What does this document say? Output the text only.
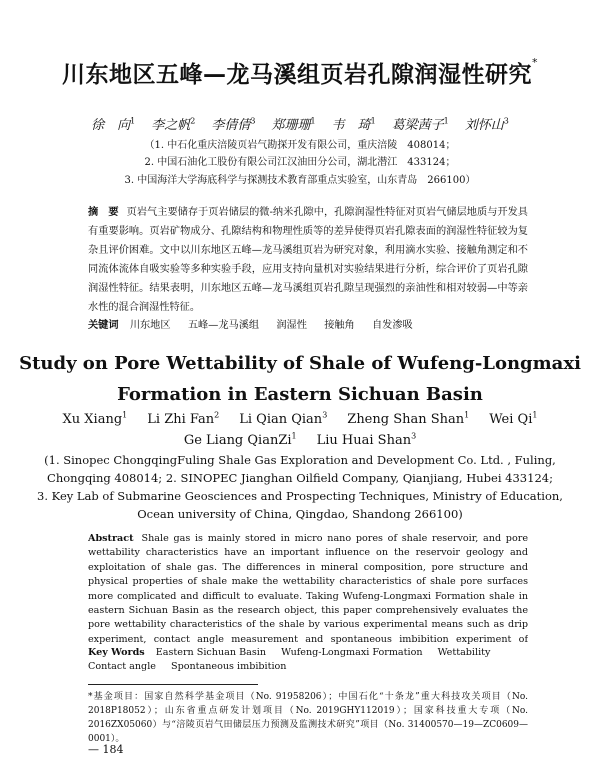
川东地区五峰—龙马溪组页岩孔隙润湿性研究*
徐　向$^1$ 李之帆$^2$ 李倩倩$^3$ 郑珊珊$^1$ 韦　琦$^1$ 葛梁茜子$^1$ 刘怀山$^3$
（1. 中石化重庆涪陵页岩气勘探开发有限公司，重庆涪陵　408014；
2. 中国石油化工股份有限公司江汉油田分公司，湖北潜江　433124；
3. 中国海洋大学海底科学与探测技术教育部重点实验室，山东青岛　266100）
摘　要 页岩气主要储存于页岩储层的微-纳米孔隙中，孔隙润湿性特征对页岩气储层地质与开发具有重要影响。页岩矿物成分、孔隙结构和物理性质等的差异使得页岩孔隙表面的润湿性特征较为复杂且评价困难。文中以川东地区五峰—龙马溪组页岩为研究对象，利用滴水实验、接触角测定和不同流体流体自吸实验等多种实验手段，应用支持向量机对实验结果进行分析，综合评价了页岩孔隙润湿性特征。结果表明，川东地区五峰—龙马溪组页岩孔隙呈现强烈的亲油性和相对较弱—中等亲水性的混合润湿性特征。
关键词 川东地区 五峰—龙马溪组 润湿性 接触角 自发渗吸
Study on Pore Wettability of Shale of Wufeng-Longmaxi
Formation in Eastern Sichuan Basin
Xu Xiang$^1$ Li Zhi Fan$^2$ Li Qian Qian$^3$ Zheng Shan Shan$^1$ Wei Qi$^1$
Ge Liang QianZi$^1$ Liu Huai Shan$^3$
(1. Sinopec ChongqingFuling Shale Gas Exploration and Development Co. Ltd. , Fuling,
Chongqing 408014; 2. SINOPEC Jianghan Oilfield Company, Qianjiang, Hubei 433124;
3. Key Lab of Submarine Geosciences and Prospecting Techniques, Ministry of Education,
Ocean university of China, Qingdao, Shandong 266100)
Abstract Shale gas is mainly stored in micro nano pores of shale reservoir, and pore wettability characteristics have an important influence on the reservoir geology and exploitation of shale gas. The differences in mineral composition, pore structure and physical properties of shale make the wettability characteristics of shale pore surfaces more complicated and difficult to evaluate. Taking Wufeng-Longmaxi Formation shale in eastern Sichuan Basin as the research object, this paper comprehensively evaluates the pore wettability characteristics of the shale by various experimental means such as drip experiment, contact angle measurement and spontaneous imbibition experiment of
Key Words Eastern Sichuan Basin Wufeng-Longmaxi Formation Wettability Contact angle Spontaneous imbibition
*基金项目：国家自然科学基金项目（No. 91958206）；中国石化“十条龙”重大科技攻关项目（No. 2018P18052）；山东省重点研发计划项目（No. 2019GHY112019）；国家科技重大专项（No. 2016ZX05060）与“涪陵页岩气田储层压力预测及监测技术研究”项目（No. 31400570—19—ZC0609—0001）。
— 184
